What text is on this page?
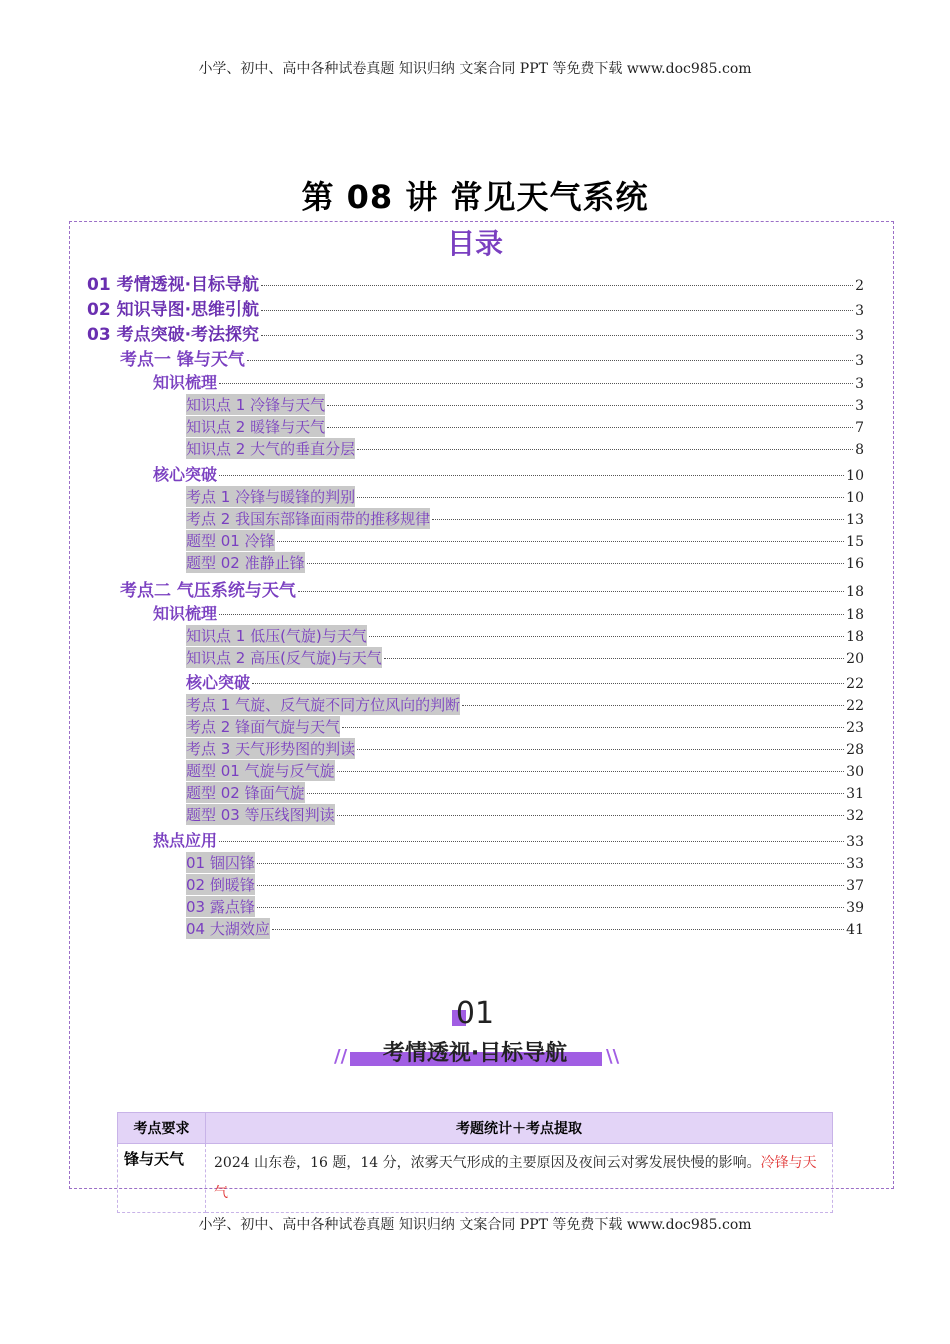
小学、初中、高中各种试卷真题 知识归纳 文案合同 PPT 等免费下载 www.doc985.com
第 08 讲 常见天气系统
目录
01 考情透视·目标导航	2
02 知识导图·思维引航	3
03 考点突破·考法探究	3
考点一 锋与天气	3
知识梳理	3
知识点 1 冷锋与天气	3
知识点 2 暖锋与天气	7
知识点 2 大气的垂直分层	8
核心突破	10
考点 1 冷锋与暖锋的判别	10
考点 2 我国东部锋面雨带的推移规律	13
题型 01 冷锋	15
题型 02 准静止锋	16
考点二 气压系统与天气	18
知识梳理	18
知识点 1 低压(气旋)与天气	18
知识点 2 高压(反气旋)与天气	20
核心突破	22
考点 1 气旋、反气旋不同方位风向的判断	22
考点 2 锋面气旋与天气	23
考点 3 天气形势图的判读	28
题型 01 气旋与反气旋	30
题型 02 锋面气旋	31
题型 03 等压线图判读	32
热点应用	33
01 锢囚锋	33
02 倒暖锋	37
03 露点锋	39
04 大湖效应	41
01
//	\\
考情透视·目标导航
考点要求	考题统计＋考点提取
锋与天气	2024 山东卷，16 题，14 分，浓雾天气形成的主要原因及夜间云对雾发展快慢的影响。冷锋与天气
小学、初中、高中各种试卷真题 知识归纳 文案合同 PPT 等免费下载 www.doc985.com
